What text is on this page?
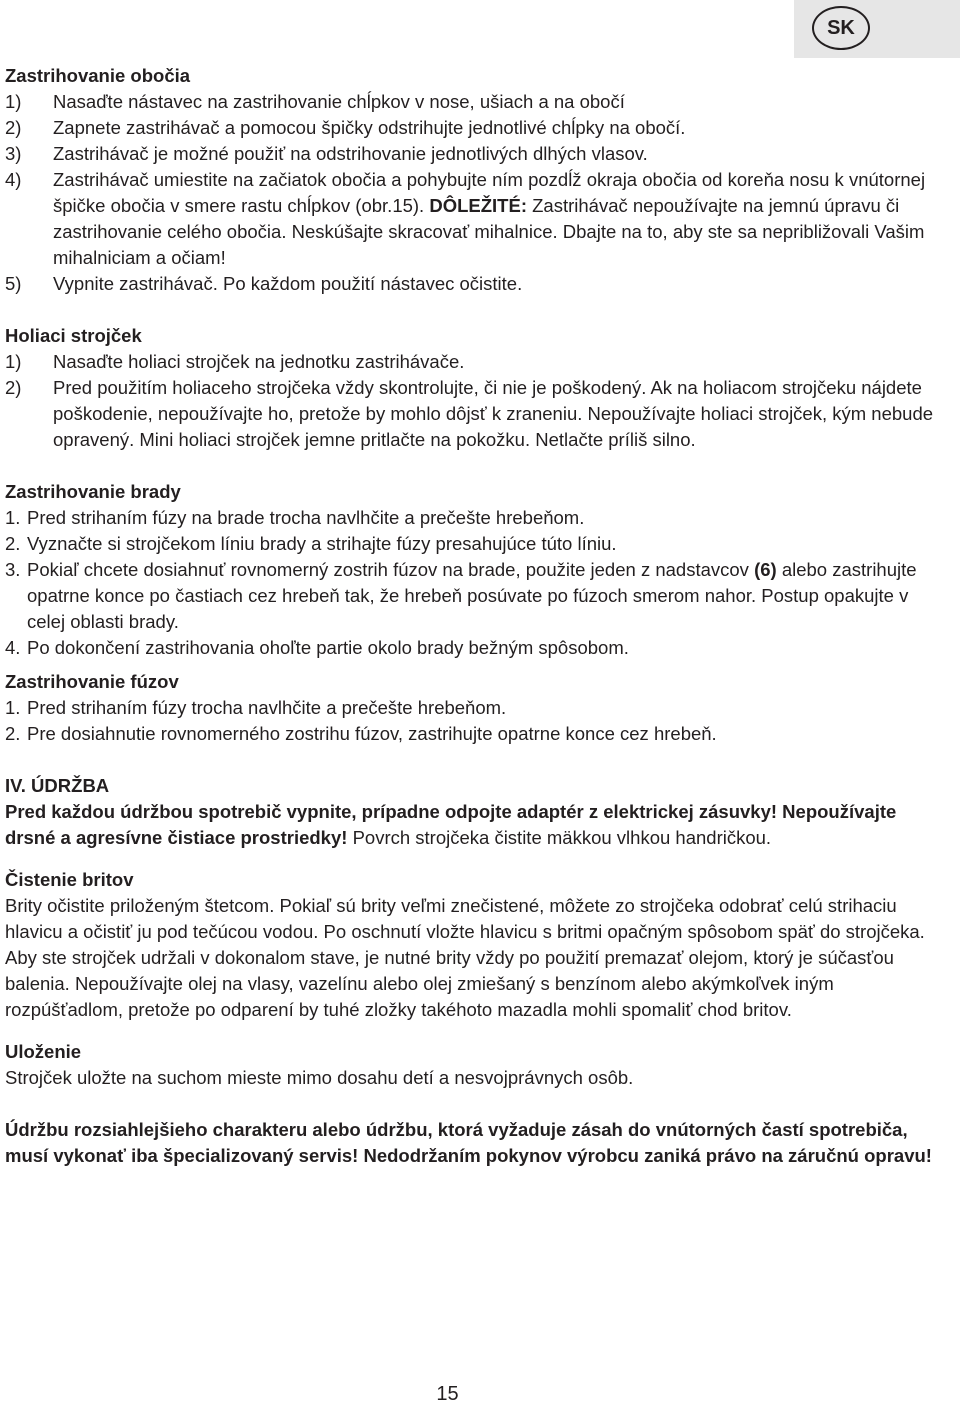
SK
Zastrihovanie obočia
1)	Nasaďte nástavec na zastrihovanie chĺpkov v nose, ušiach a na obočí
2)	Zapnete zastrihávač a pomocou špičky odstrihujte jednotlivé chĺpky na obočí.
3)	Zastrihávač je možné použiť na odstrihovanie jednotlivých dlhých vlasov.
4)	Zastrihávač umiestite na začiatok obočia a pohybujte ním pozdĺž okraja obočia od koreňa nosu k vnútornej špičke obočia v smere rastu chĺpkov (obr.15). DÔLEŽITÉ: Zastrihávač nepoužívajte na jemnú úpravu či zastrihovanie celého obočia. Neskúšajte skracovať mihalnice. Dbajte na to, aby ste sa nepribližovali Vašim mihalniciam a očiam!
5)	Vypnite zastrihávač. Po každom použití nástavec očistite.
Holiaci strojček
1)	Nasaďte holiaci strojček na jednotku zastrihávače.
2)	Pred použitím holiaceho strojčeka vždy skontrolujte, či nie je poškodený. Ak na holiacom strojčeku nájdete poškodenie, nepoužívajte ho, pretože by mohlo dôjsť k zraneniu. Nepoužívajte holiaci strojček, kým nebude opravený. Mini holiaci strojček jemne pritlačte na pokožku. Netlačte príliš silno.
Zastrihovanie brady
1. Pred strihaním fúzy na brade trocha navlhčite a prečešte hrebeňom.
2. Vyznačte si strojčekom líniu brady a strihajte fúzy presahujúce túto líniu.
3. Pokiaľ chcete dosiahnuť rovnomerný zostrih fúzov na brade, použite jeden z nadstavcov (6) alebo zastrihujte opatrne konce po častiach cez hrebeň tak, že hrebeň posúvate po fúzoch smerom nahor. Postup opakujte v celej oblasti brady.
4. Po dokončení zastrihovania ohoľte partie okolo brady bežným spôsobom.
Zastrihovanie fúzov
1. Pred strihaním fúzy trocha navlhčite a prečešte hrebeňom.
2. Pre dosiahnutie rovnomerného zostrihu fúzov, zastrihujte opatrne konce cez hrebeň.
IV. ÚDRŽBA

Pred každou údržbou spotrebič vypnite, prípadne odpojte adaptér z elektrickej zásuvky! Nepoužívajte drsné a agresívne čistiace prostriedky! Povrch strojčeka čistite mäkkou vlhkou handričkou.

Čistenie britov

Brity očistite priloženým štetcom. Pokiaľ sú brity veľmi znečistené, môžete zo strojčeka odobrať celú strihaciu hlavicu a očistiť ju pod tečúcou vodou. Po oschnutí vložte hlavicu s britmi opačným spôsobom späť do strojčeka.

Aby ste strojček udržali v dokonalom stave, je nutné brity vždy po použití premazať olejom, ktorý je súčasťou balenia. Nepoužívajte olej na vlasy, vazelínu alebo olej zmiešaný s benzínom alebo akýmkoľvek iným rozpúšťadlom, pretože po odparení by tuhé zložky takéhoto mazadla mohli spomaliť chod britov.

Uloženie

Strojček uložte na suchom mieste mimo dosahu detí a nesvojprávnych osôb.

Údržbu rozsiahlejšieho charakteru alebo údržbu, ktorá vyžaduje zásah do vnútorných častí spotrebiča, musí vykonať iba špecializovaný servis! Nedodržaním pokynov výrobcu zaniká právo na záručnú opravu!

15
